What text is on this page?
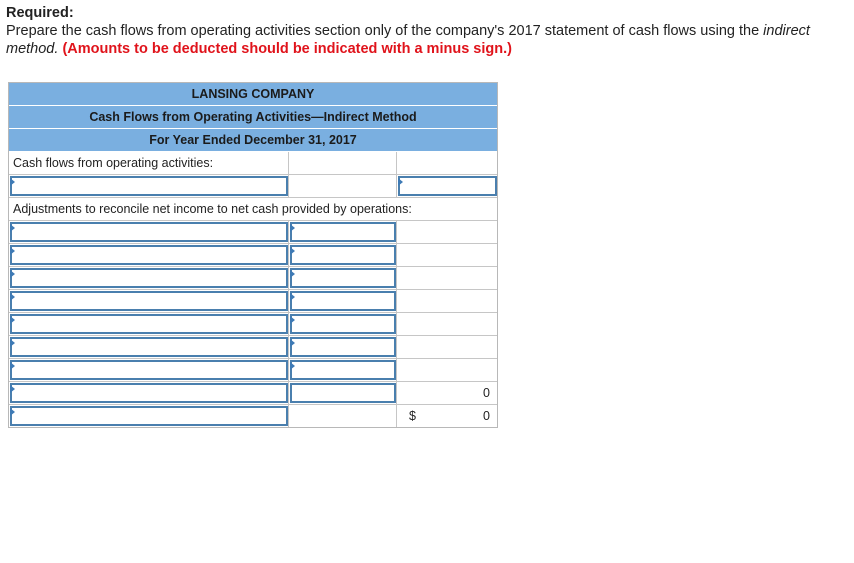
Required:
Prepare the cash flows from operating activities section only of the company's 2017 statement of cash flows using the indirect method. (Amounts to be deducted should be indicated with a minus sign.)
LANSING COMPANY
Cash Flows from Operating Activities—Indirect Method
For Year Ended December 31, 2017
Cash flows from operating activities:
Adjustments to reconcile net income to net cash provided by operations:
0
$	0
